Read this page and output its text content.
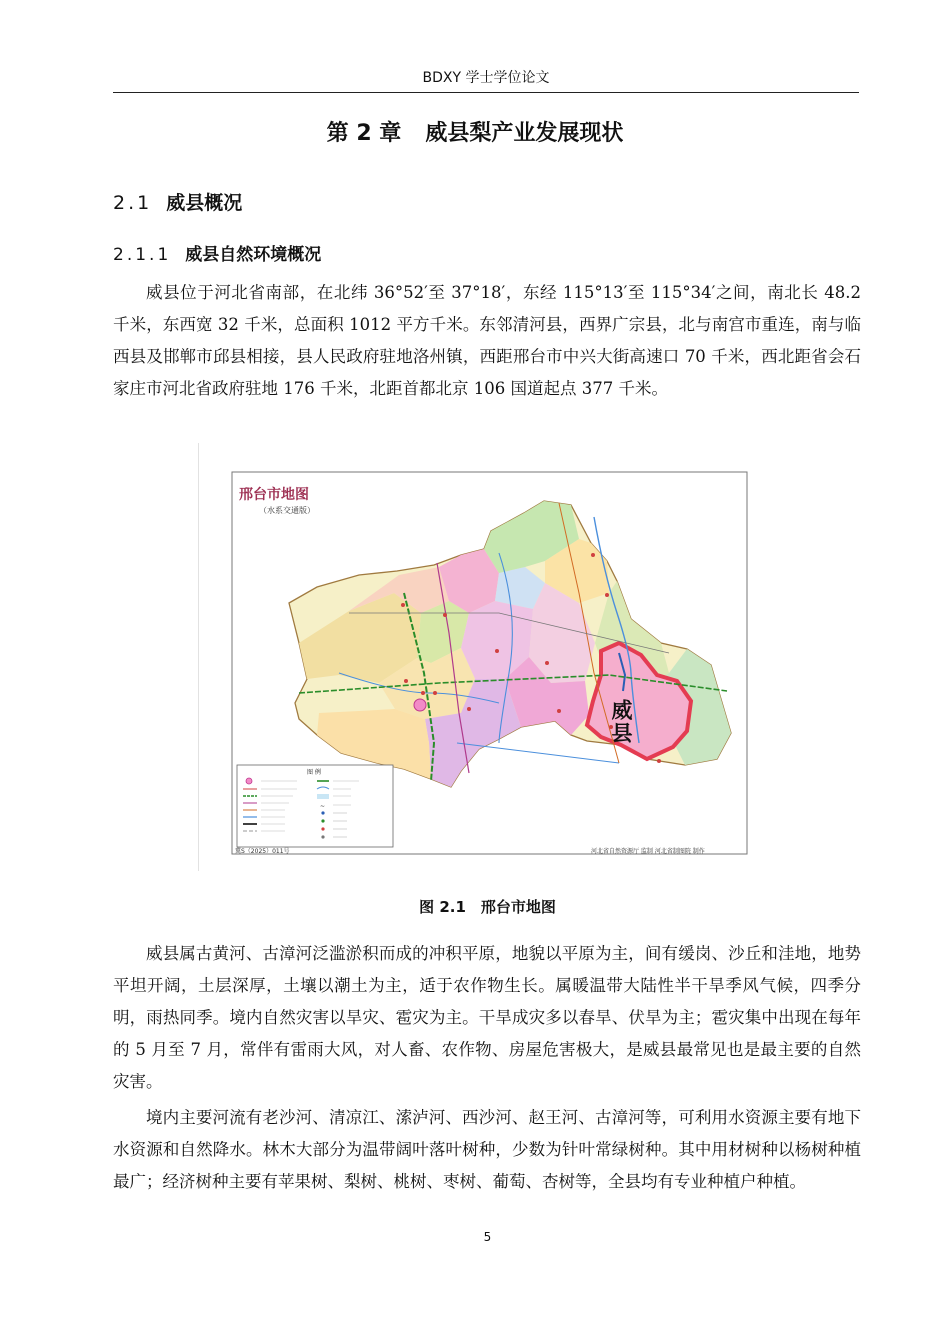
BDXY 学士学位论文
第 2 章 威县梨产业发展现状
2.1 威县概况
2.1.1 威县自然环境概况

威县位于河北省南部，在北纬 36°52′至 37°18′，东经 115°13′至 115°34′之间，南北长 48.2 千米，东西宽 32 千米，总面积 1012 平方千米。东邻清河县，西界广宗县，北与南宫市重连，南与临西县及邯郸市邱县相接，县人民政府驻地洛州镇，西距邢台市中兴大街高速口 70 千米，西北距省会石家庄市河北省政府驻地 176 千米，北距首都北京 106 国道起点 377 千米。

邢台市地图
（水系交通版）
威县
图 例
~
冀S（2025）011号	河北省自然资源厅 监制 河北省制图院 制作
图 2.1　邢台市地图

威县属古黄河、古漳河泛滥淤积而成的冲积平原，地貌以平原为主，间有缓岗、沙丘和洼地，地势平坦开阔，土层深厚，土壤以潮土为主，适于农作物生长。属暖温带大陆性半干旱季风气候，四季分明，雨热同季。境内自然灾害以旱灾、雹灾为主。干旱成灾多以春旱、伏旱为主；雹灾集中出现在每年的 5 月至 7 月，常伴有雷雨大风，对人畜、农作物、房屋危害极大，是威县最常见也是最主要的自然灾害。

境内主要河流有老沙河、清凉江、溹泸河、西沙河、赵王河、古漳河等，可利用水资源主要有地下水资源和自然降水。林木大部分为温带阔叶落叶树种，少数为针叶常绿树种。其中用材树种以杨树种植最广；经济树种主要有苹果树、梨树、桃树、枣树、葡萄、杏树等，全县均有专业种植户种植。

5
